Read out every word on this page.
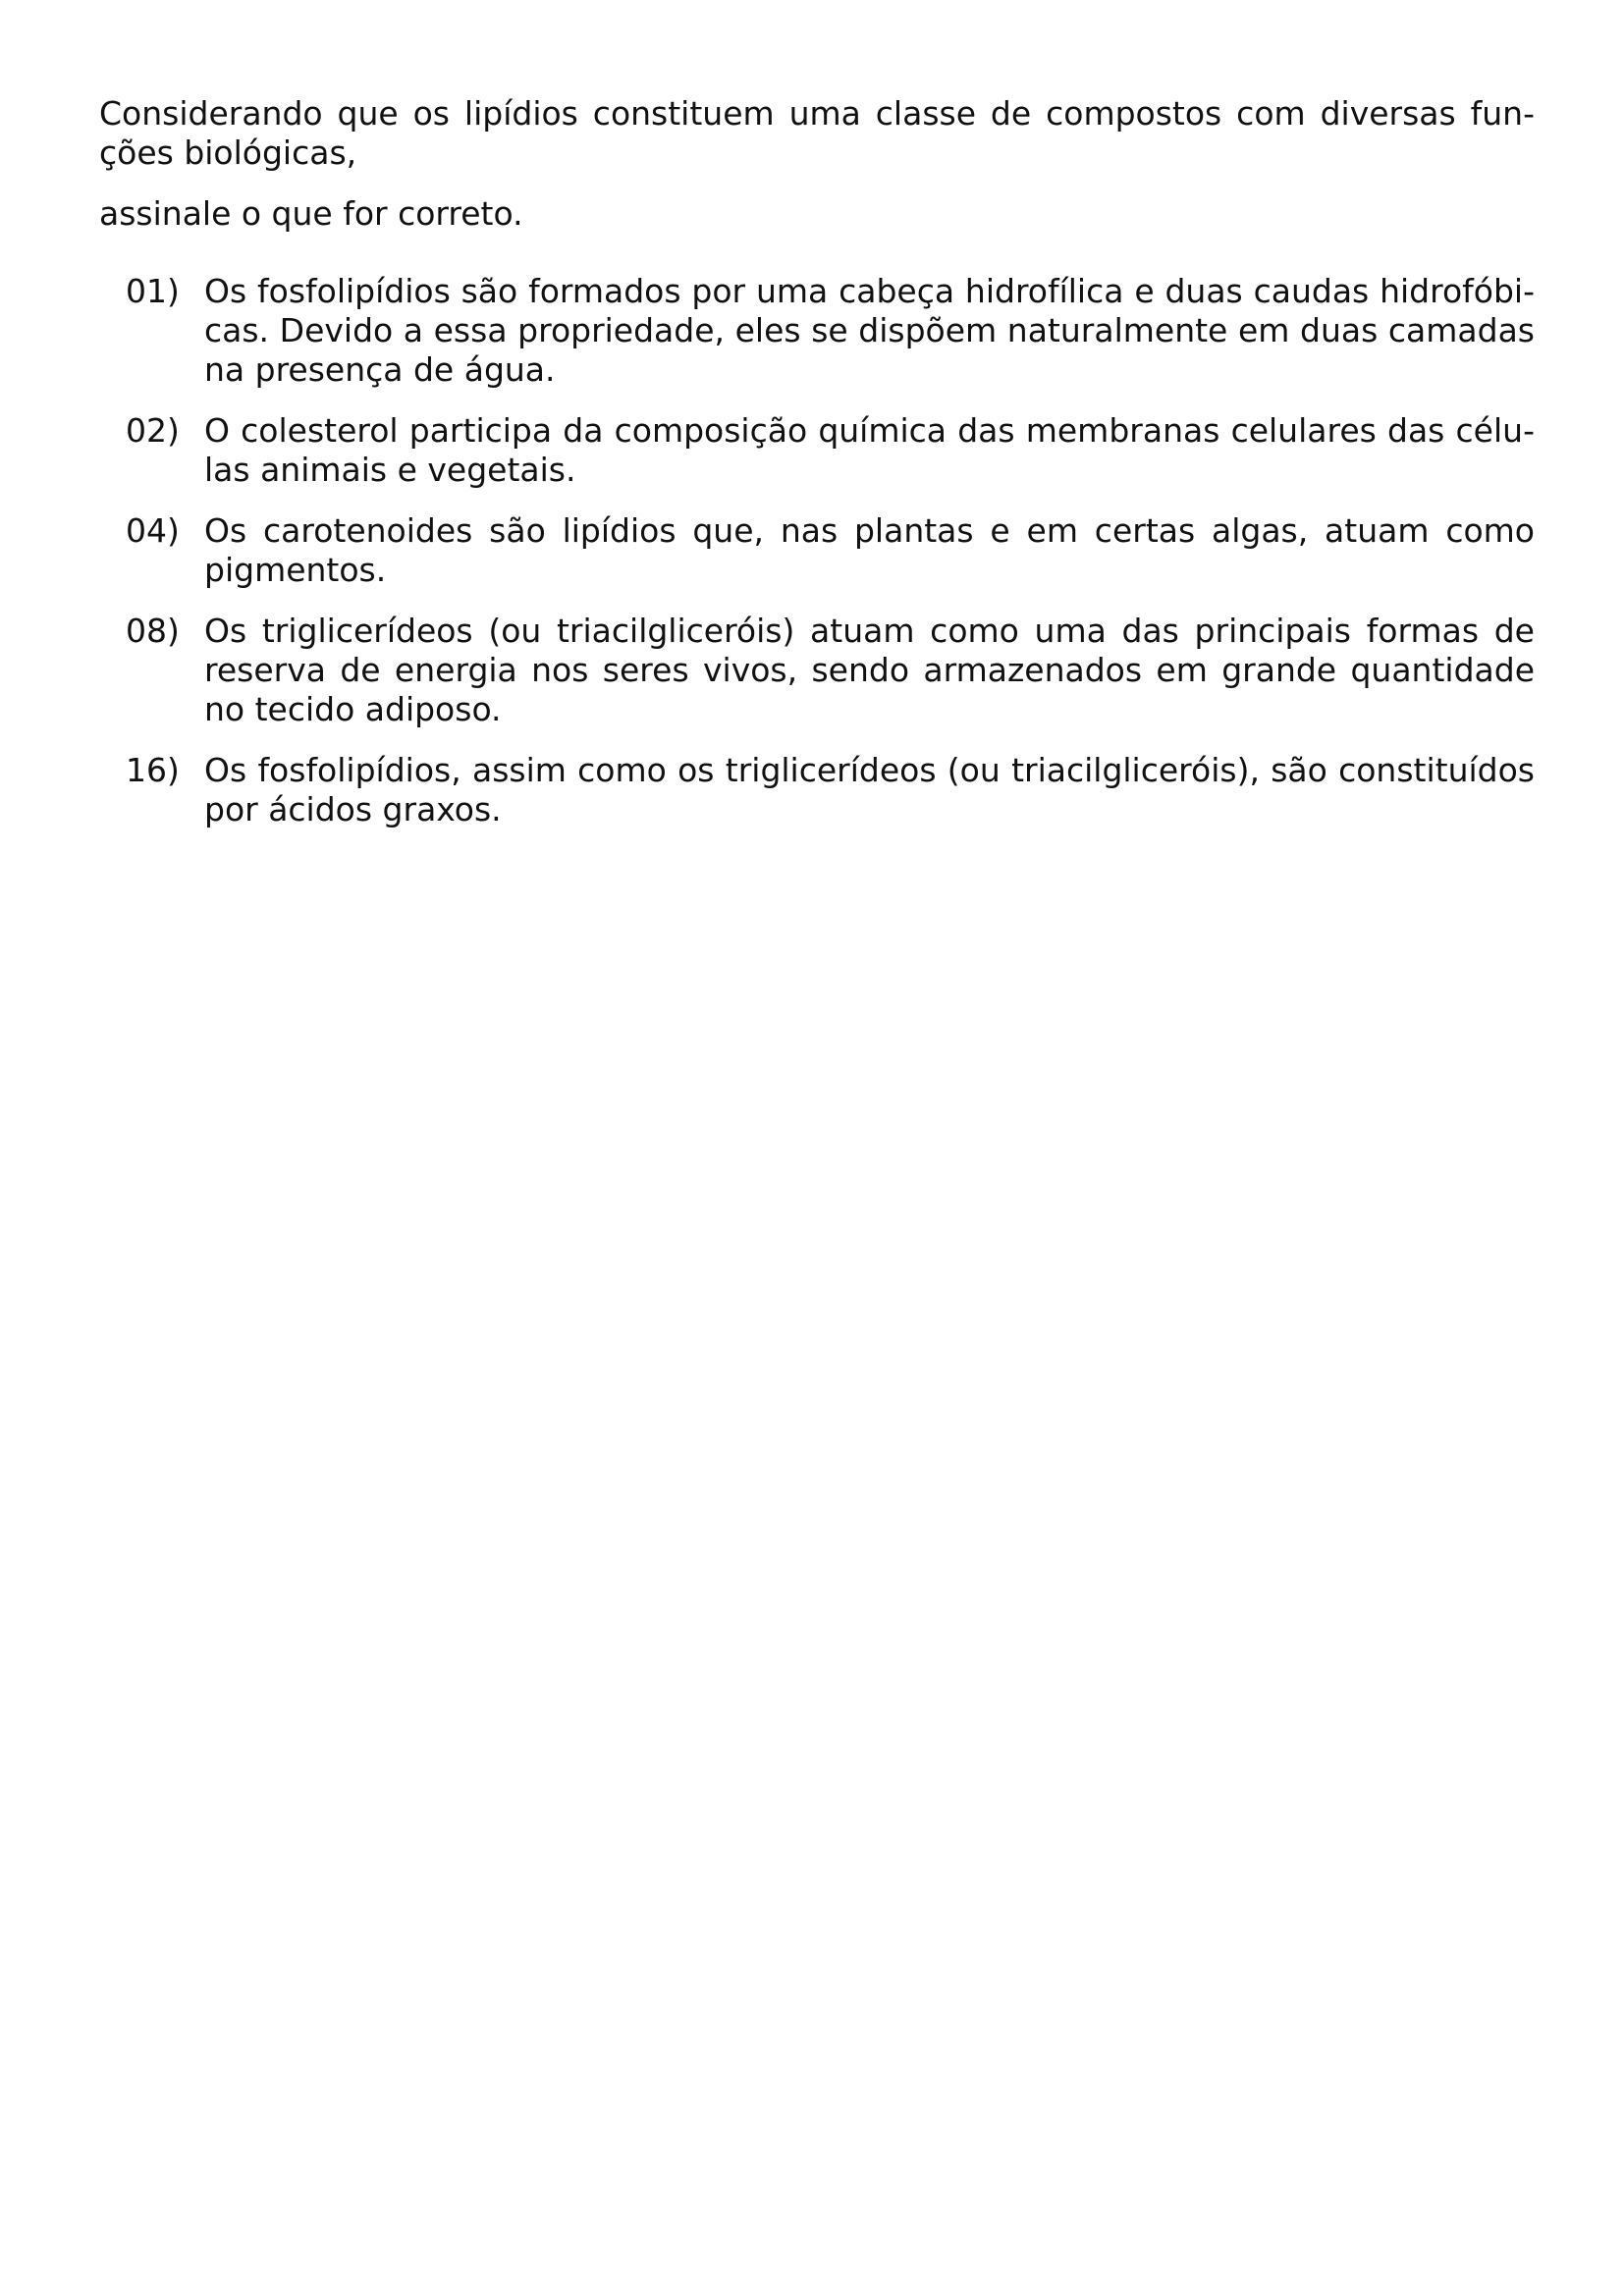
Considerando que os lipídios constituem uma classe de compostos com diversas funções biológicas,

assinale o que for correto.

01) Os fosfolipídios são formados por uma cabeça hidrofílica e duas caudas hidrofóbicas. Devido a essa propriedade, eles se dispõem naturalmente em duas camadas na presença de água.
02) O colesterol participa da composição química das membranas celulares das células animais e vegetais.
04) Os carotenoides são lipídios que, nas plantas e em certas algas, atuam como pigmentos.
08) Os triglicerídeos (ou triacilgliceróis) atuam como uma das principais formas de reserva de energia nos seres vivos, sendo armazenados em grande quantidade no tecido adiposo.
16) Os fosfolipídios, assim como os triglicerídeos (ou triacilgliceróis), são constituídos por ácidos graxos.
